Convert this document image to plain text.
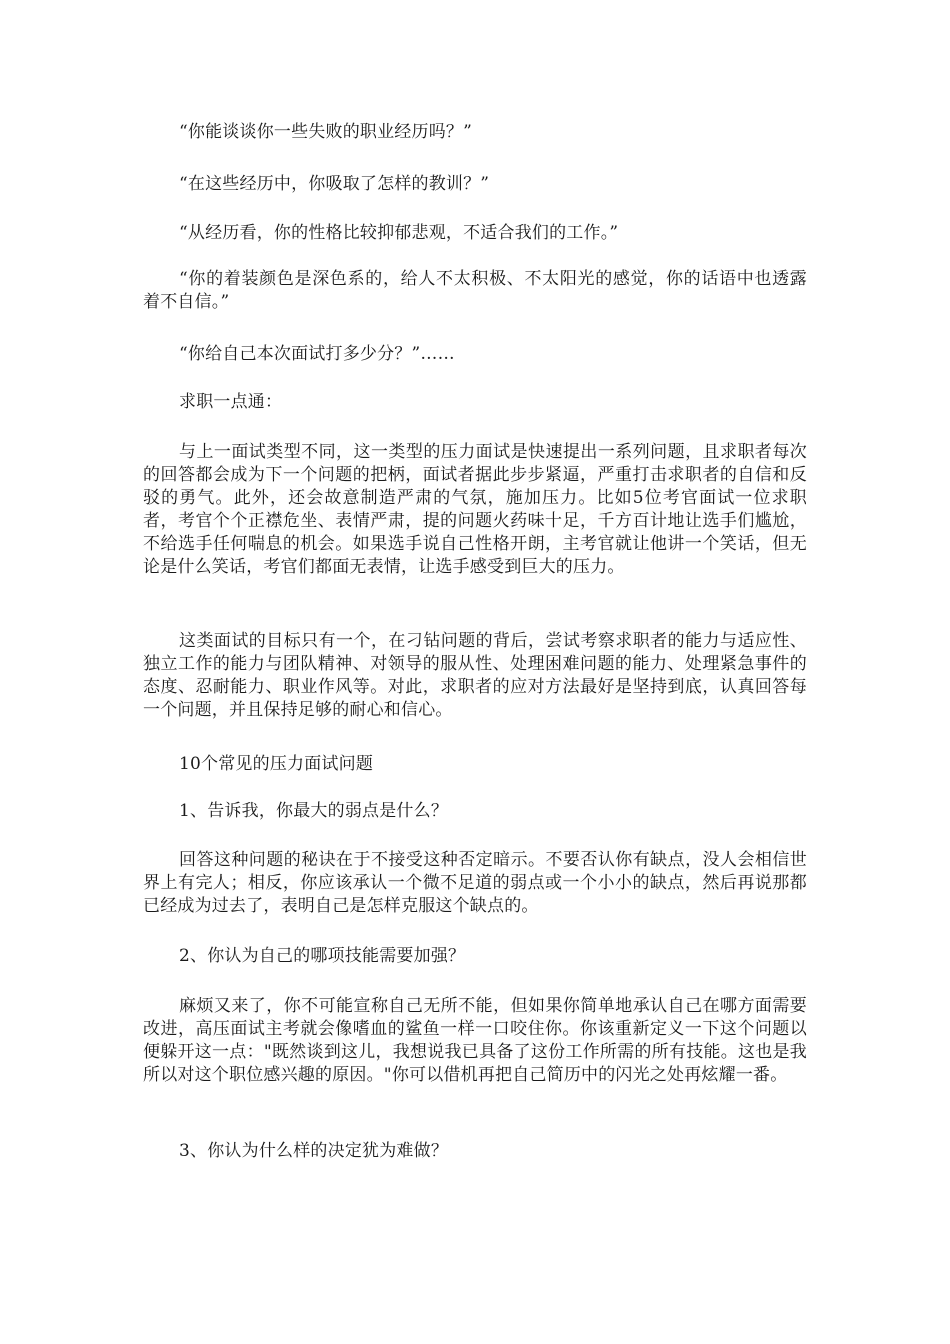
“你能谈谈你一些失败的职业经历吗？”

“在这些经历中，你吸取了怎样的教训？”

“从经历看，你的性格比较抑郁悲观，不适合我们的工作。”

“你的着装颜色是深色系的，给人不太积极、不太阳光的感觉，你的话语中也透露着不自信。”

“你给自己本次面试打多少分？”……

求职一点通：

与上一面试类型不同，这一类型的压力面试是快速提出一系列问题，且求职者每次的回答都会成为下一个问题的把柄，面试者据此步步紧逼，严重打击求职者的自信和反驳的勇气。此外，还会故意制造严肃的气氛，施加压力。比如5位考官面试一位求职者，考官个个正襟危坐、表情严肃，提的问题火药味十足，千方百计地让选手们尴尬，不给选手任何喘息的机会。如果选手说自己性格开朗，主考官就让他讲一个笑话，但无论是什么笑话，考官们都面无表情，让选手感受到巨大的压力。

这类面试的目标只有一个，在刁钻问题的背后，尝试考察求职者的能力与适应性、独立工作的能力与团队精神、对领导的服从性、处理困难问题的能力、处理紧急事件的态度、忍耐能力、职业作风等。对此，求职者的应对方法最好是坚持到底，认真回答每一个问题，并且保持足够的耐心和信心。

10个常见的压力面试问题

1、告诉我，你最大的弱点是什么？

回答这种问题的秘诀在于不接受这种否定暗示。不要否认你有缺点，没人会相信世界上有完人；相反，你应该承认一个微不足道的弱点或一个小小的缺点，然后再说那都已经成为过去了，表明自己是怎样克服这个缺点的。

2、你认为自己的哪项技能需要加强？

麻烦又来了，你不可能宣称自己无所不能，但如果你简单地承认自己在哪方面需要改进，高压面试主考就会像嗜血的鲨鱼一样一口咬住你。你该重新定义一下这个问题以便躲开这一点："既然谈到这儿，我想说我已具备了这份工作所需的所有技能。这也是我所以对这个职位感兴趣的原因。"你可以借机再把自己简历中的闪光之处再炫耀一番。

3、你认为什么样的决定犹为难做？
